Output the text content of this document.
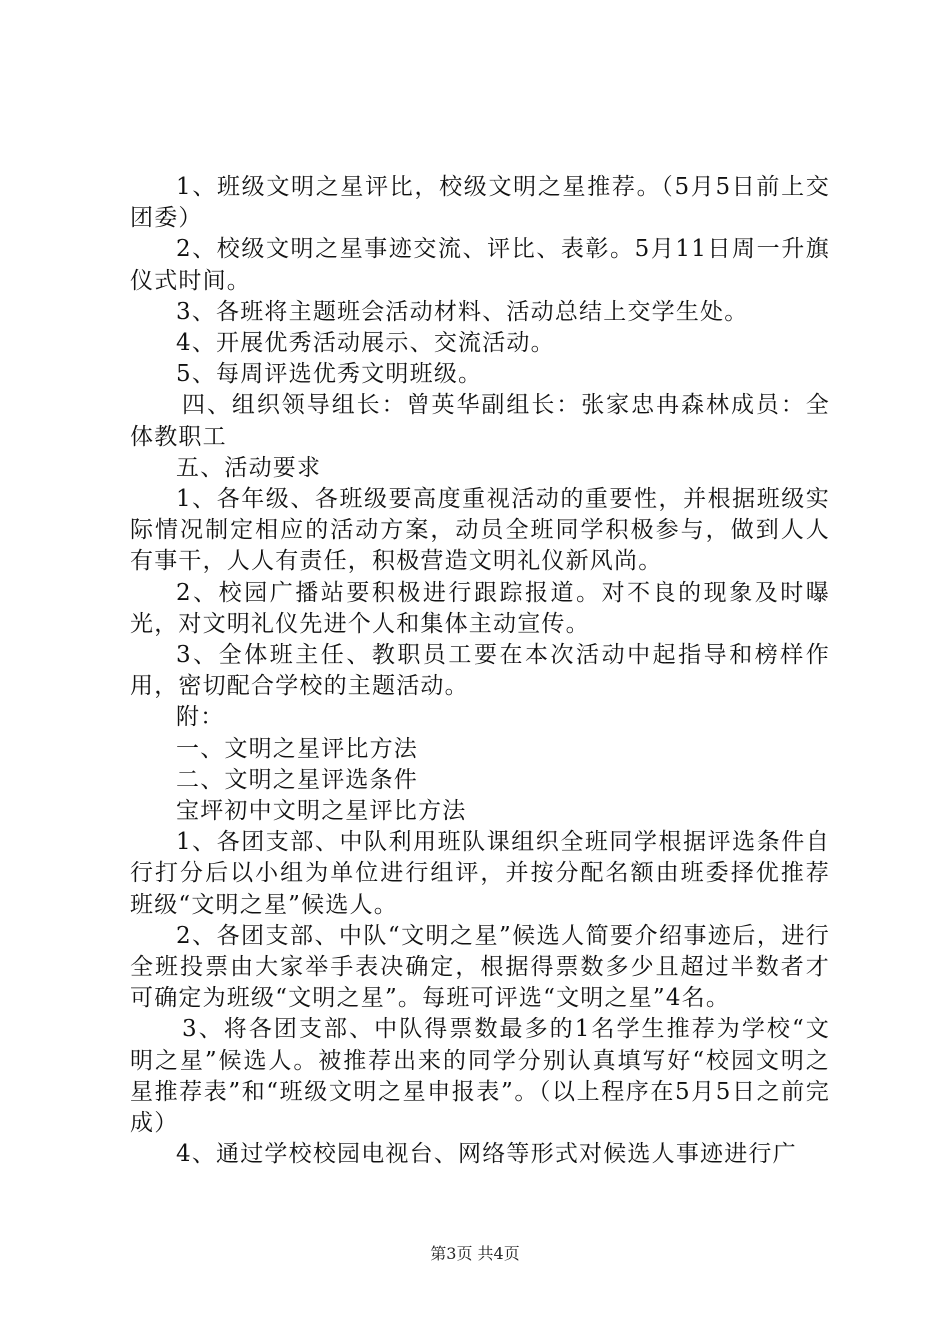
1、班级文明之星评比，校级文明之星推荐。（5月5日前上交团委）

2、校级文明之星事迹交流、评比、表彰。5月11日周一升旗仪式时间。

3、各班将主题班会活动材料、活动总结上交学生处。

4、开展优秀活动展示、交流活动。

5、每周评选优秀文明班级。

四、组织领导组长：曾英华副组长：张家忠冉森林成员：全体教职工

五、活动要求

1、各年级、各班级要高度重视活动的重要性，并根据班级实际情况制定相应的活动方案，动员全班同学积极参与，做到人人有事干，人人有责任，积极营造文明礼仪新风尚。

2、校园广播站要积极进行跟踪报道。对不良的现象及时曝光，对文明礼仪先进个人和集体主动宣传。

3、全体班主任、教职员工要在本次活动中起指导和榜样作用，密切配合学校的主题活动。

附：

一、文明之星评比方法

二、文明之星评选条件

宝坪初中文明之星评比方法

1、各团支部、中队利用班队课组织全班同学根据评选条件自行打分后以小组为单位进行组评，并按分配名额由班委择优推荐班级“文明之星”候选人。

2、各团支部、中队“文明之星”候选人简要介绍事迹后，进行全班投票由大家举手表决确定，根据得票数多少且超过半数者才可确定为班级“文明之星”。每班可评选“文明之星”4名。

3、将各团支部、中队得票数最多的1名学生推荐为学校“文明之星”候选人。被推荐出来的同学分别认真填写好“校园文明之星推荐表”和“班级文明之星申报表”。（以上程序在5月5日之前完成）

4、通过学校校园电视台、网络等形式对候选人事迹进行广

第3页 共4页
